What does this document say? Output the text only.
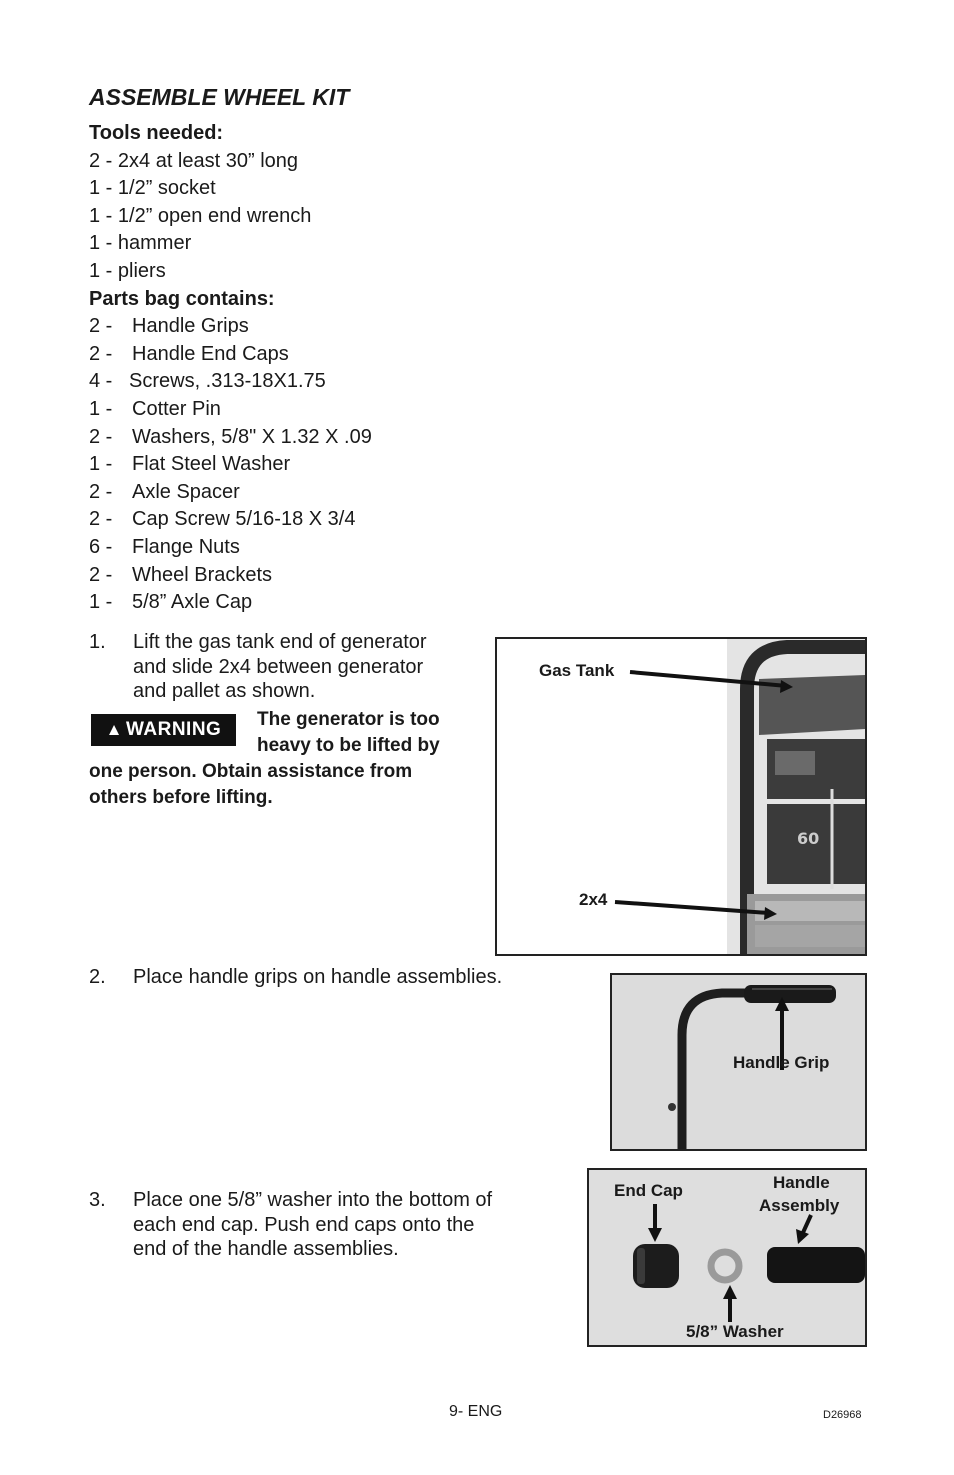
ASSEMBLE WHEEL KIT
Tools needed:
2 - 2x4 at least 30” long
1 - 1/2” socket
1 - 1/2” open end wrench
1 - hammer
1 - pliers
Parts bag contains:
2 - Handle Grips
2 - Handle End Caps
4 - Screws, .313-18X1.75
1 - Cotter Pin
2 - Washers, 5/8" X 1.32 X .09
1 - Flat Steel Washer
2 - Axle Spacer
2 - Cap Screw 5/16-18 X 3/4
6 - Flange Nuts
2 - Wheel Brackets
1 - 5/8” Axle Cap
1. Lift the gas tank end of generator
and slide 2x4 between generator
and pallet as shown.
▲ WARNING	The generator is too
heavy to be lifted by
one person. Obtain assistance from
others before lifting.
60
Gas Tank
2x4
2. Place handle grips on handle assemblies.
Handle Grip
3. Place one 5/8” washer into the bottom of
each end cap. Push end caps onto the
end of the handle assemblies.
End Cap	Handle
Assembly
5/8” Washer
9- ENG	D26968
